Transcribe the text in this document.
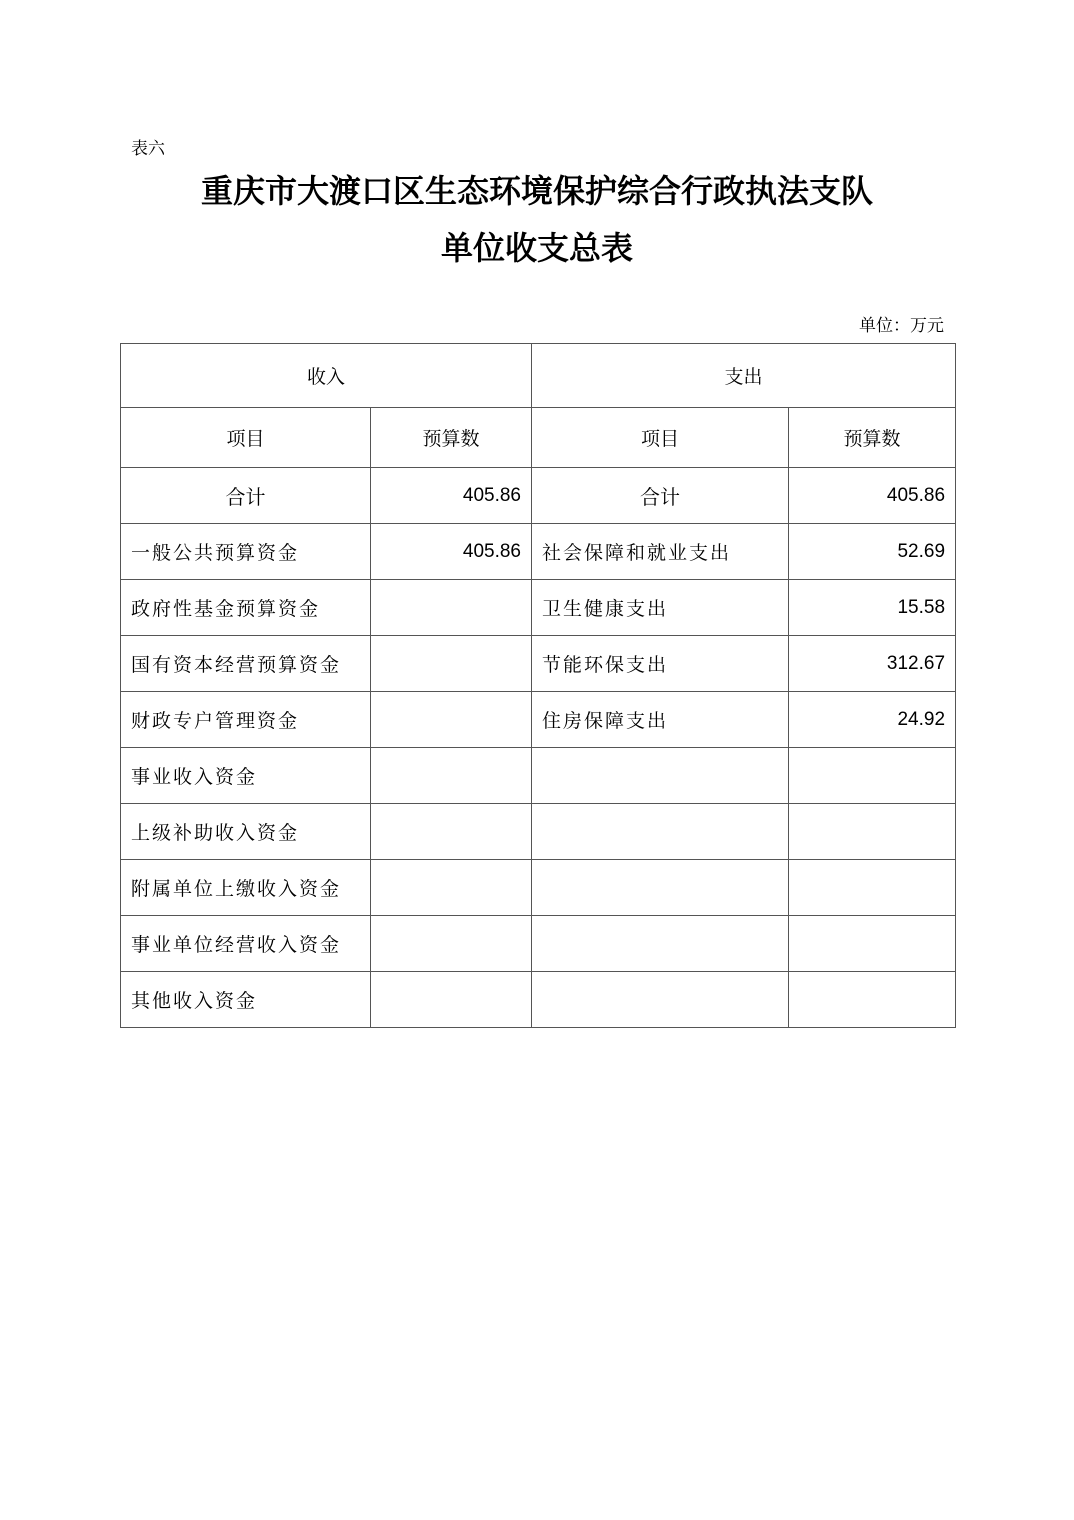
表六
重庆市大渡口区生态环境保护综合行政执法支队
单位收支总表
单位：万元
收入		支出	
项目	预算数	项目	预算数
合计	405.86	合计	405.86
一般公共预算资金	405.86	社会保障和就业支出	52.69
政府性基金预算资金		卫生健康支出	15.58
国有资本经营预算资金		节能环保支出	312.67
财政专户管理资金		住房保障支出	24.92
事业收入资金			
上级补助收入资金			
附属单位上缴收入资金			
事业单位经营收入资金			
其他收入资金			
